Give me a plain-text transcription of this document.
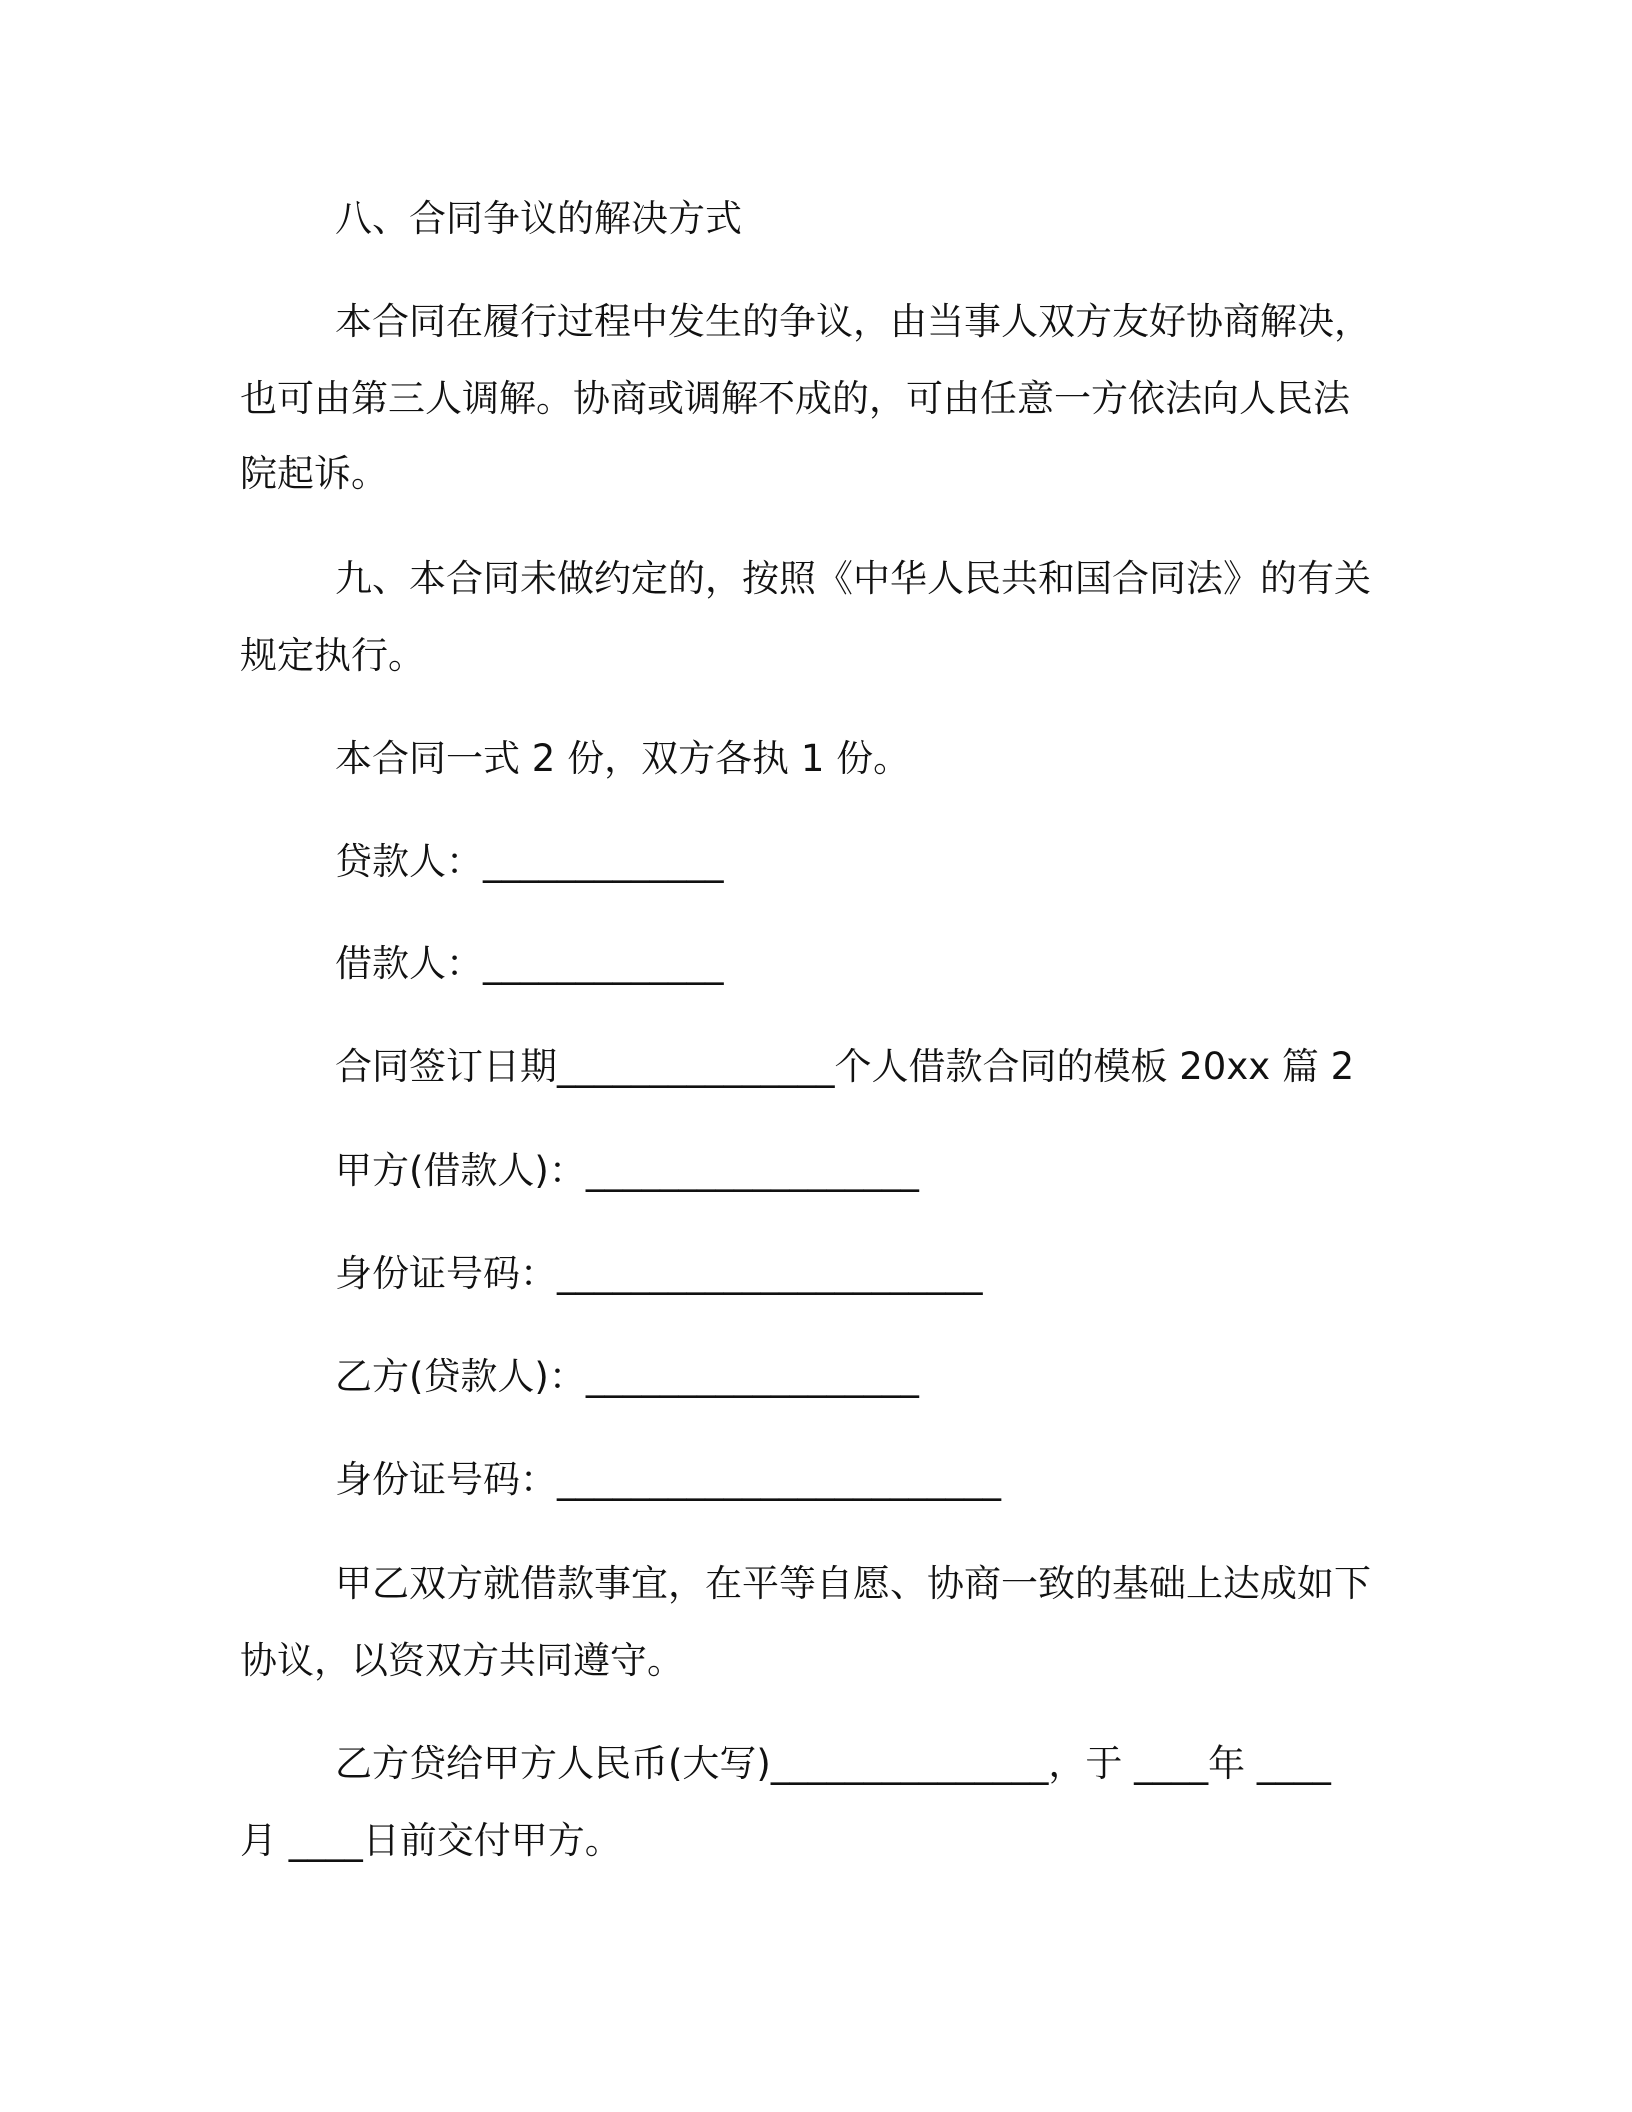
八、合同争议的解决方式
本合同在履行过程中发生的争议，由当事人双方友好协商解决，
也可由第三人调解。协商或调解不成的，可由任意一方依法向人民法
院起诉。
九、本合同未做约定的，按照《中华人民共和国合同法》的有关
规定执行。
本合同一式 2 份，双方各执 1 份。
贷款人：_____________
借款人：_____________
合同签订日期_______________个人借款合同的模板 20xx 篇 2
甲方(借款人)：__________________
身份证号码：_______________________
乙方(贷款人)：__________________
身份证号码：________________________
甲乙双方就借款事宜，在平等自愿、协商一致的基础上达成如下
协议，以资双方共同遵守。
乙方贷给甲方人民币(大写)_______________，于 ____年 ____
月 ____日前交付甲方。
